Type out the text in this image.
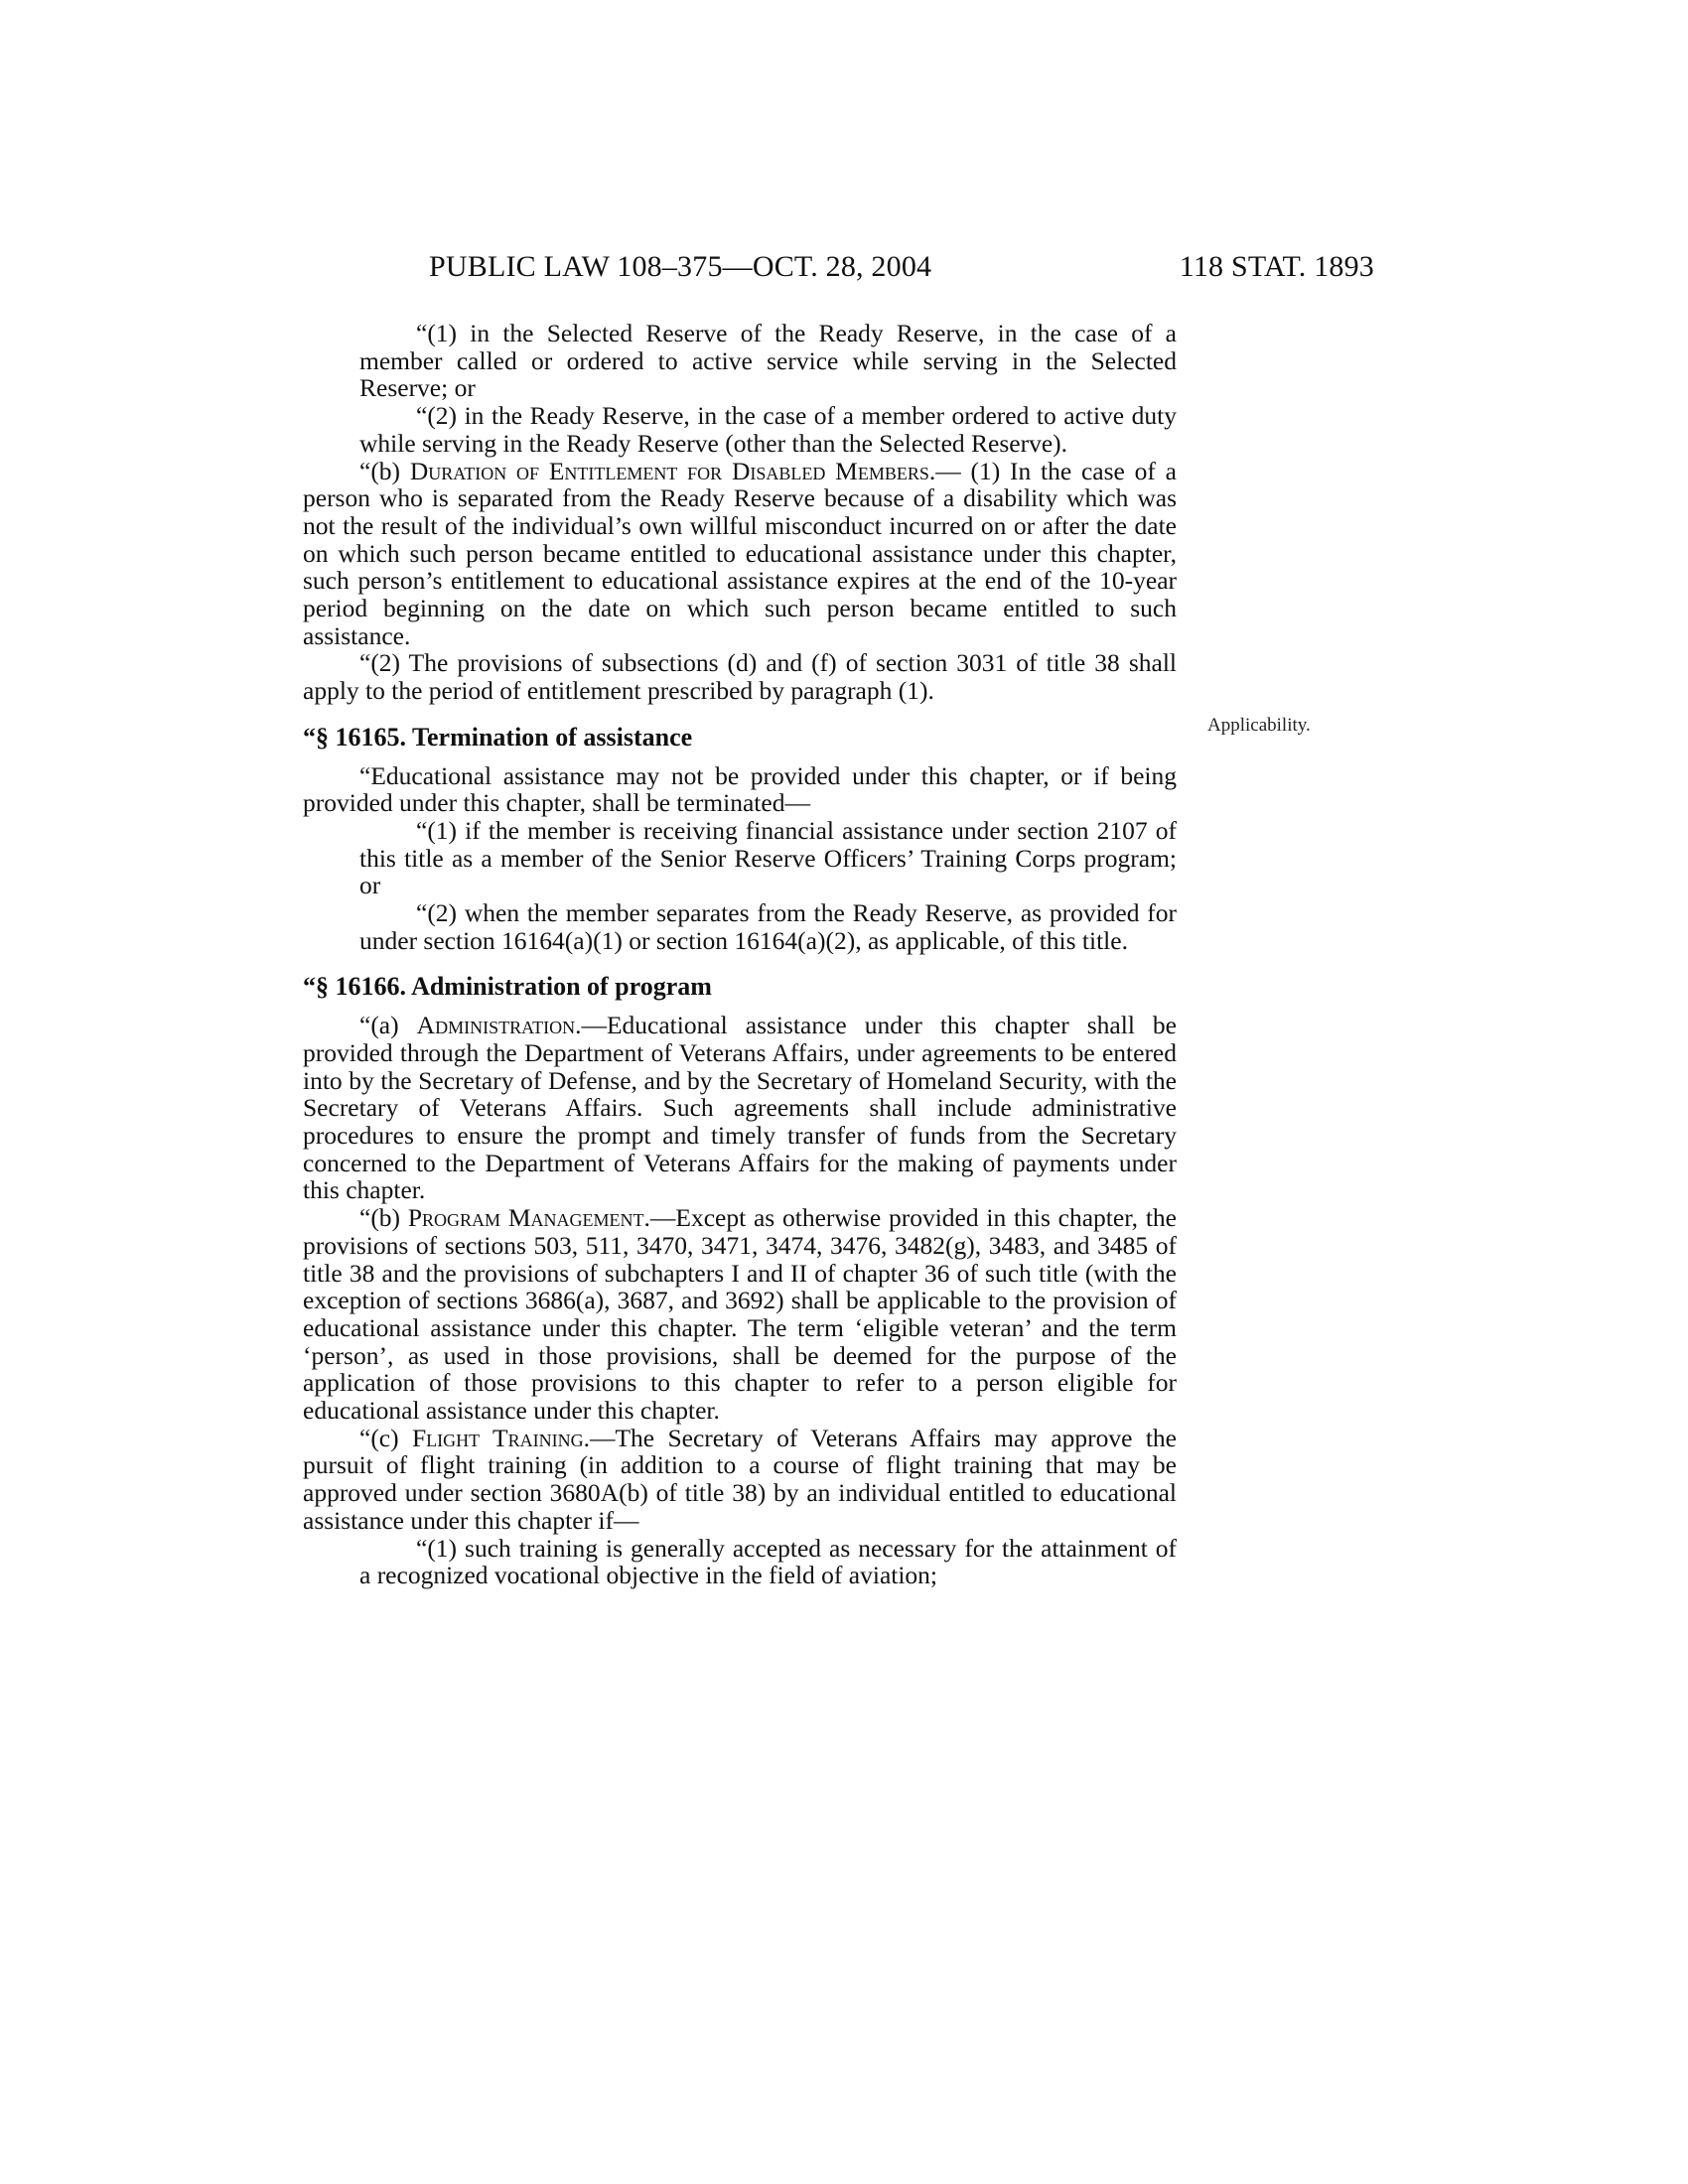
PUBLIC LAW 108–375—OCT. 28, 2004	118 STAT. 1893
Applicability.

“(1) in the Selected Reserve of the Ready Reserve, in the case of a member called or ordered to active service while serving in the Selected Reserve; or

“(2) in the Ready Reserve, in the case of a member ordered to active duty while serving in the Ready Reserve (other than the Selected Reserve).

“(b) Duration of Entitlement for Disabled Members.— (1) In the case of a person who is separated from the Ready Reserve because of a disability which was not the result of the individual’s own willful misconduct incurred on or after the date on which such person became entitled to educational assistance under this chapter, such person’s entitlement to educational assistance expires at the end of the 10-year period beginning on the date on which such person became entitled to such assistance.

“(2) The provisions of subsections (d) and (f) of section 3031 of title 38 shall apply to the period of entitlement prescribed by paragraph (1).

“§ 16165. Termination of assistance

“Educational assistance may not be provided under this chapter, or if being provided under this chapter, shall be terminated—

“(1) if the member is receiving financial assistance under section 2107 of this title as a member of the Senior Reserve Officers’ Training Corps program; or

“(2) when the member separates from the Ready Reserve, as provided for under section 16164(a)(1) or section 16164(a)(2), as applicable, of this title.

“§ 16166. Administration of program

“(a) Administration.—Educational assistance under this chapter shall be provided through the Department of Veterans Affairs, under agreements to be entered into by the Secretary of Defense, and by the Secretary of Homeland Security, with the Secretary of Veterans Affairs. Such agreements shall include administrative procedures to ensure the prompt and timely transfer of funds from the Secretary concerned to the Department of Veterans Affairs for the making of payments under this chapter.

“(b) Program Management.—Except as otherwise provided in this chapter, the provisions of sections 503, 511, 3470, 3471, 3474, 3476, 3482(g), 3483, and 3485 of title 38 and the provisions of subchapters I and II of chapter 36 of such title (with the exception of sections 3686(a), 3687, and 3692) shall be applicable to the provision of educational assistance under this chapter. The term ‘eligible veteran’ and the term ‘person’, as used in those provisions, shall be deemed for the purpose of the application of those provisions to this chapter to refer to a person eligible for educational assistance under this chapter.

“(c) Flight Training.—The Secretary of Veterans Affairs may approve the pursuit of flight training (in addition to a course of flight training that may be approved under section 3680A(b) of title 38) by an individual entitled to educational assistance under this chapter if—

“(1) such training is generally accepted as necessary for the attainment of a recognized vocational objective in the field of aviation;
